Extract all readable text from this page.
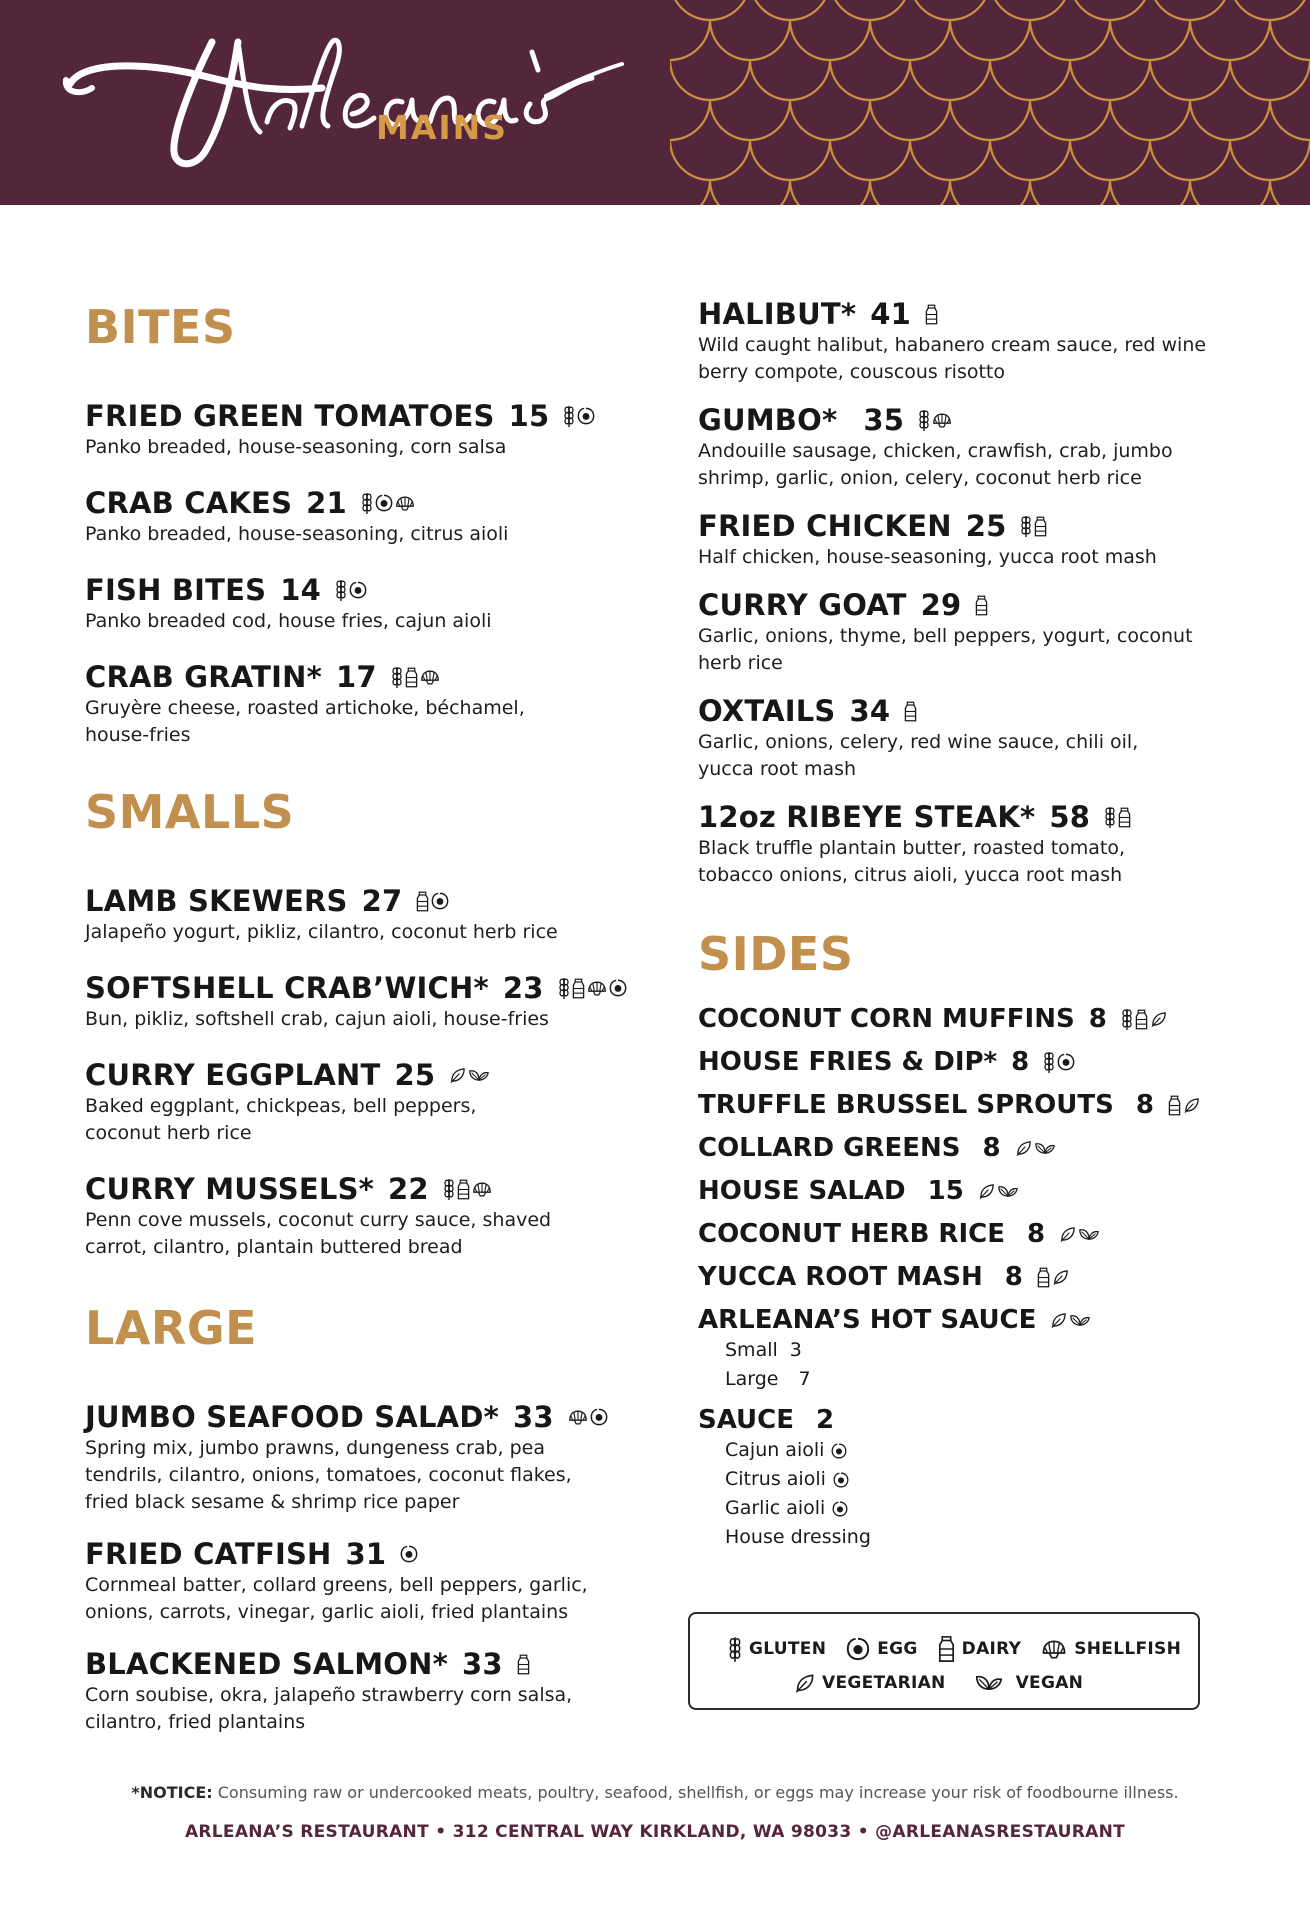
MAINS
BITES
FRIED GREEN TOMATOES 15
Panko breaded, house-seasoning, corn salsa
CRAB CAKES 21
Panko breaded, house-seasoning, citrus aioli
FISH BITES 14
Panko breaded cod, house fries, cajun aioli
CRAB GRATIN* 17
Gruyère cheese, roasted artichoke, béchamel, house-fries
SMALLS
LAMB SKEWERS 27
Jalapeño yogurt, pikliz, cilantro, coconut herb rice
SOFTSHELL CRAB’WICH* 23
Bun, pikliz, softshell crab, cajun aioli, house-fries
CURRY EGGPLANT 25
Baked eggplant, chickpeas, bell peppers, coconut herb rice
CURRY MUSSELS* 22
Penn cove mussels, coconut curry sauce, shaved carrot, cilantro, plantain buttered bread
LARGE
JUMBO SEAFOOD SALAD* 33
Spring mix, jumbo prawns, dungeness crab, pea tendrils, cilantro, onions, tomatoes, coconut flakes, fried black sesame & shrimp rice paper
FRIED CATFISH 31
Cornmeal batter, collard greens, bell peppers, garlic, onions, carrots, vinegar, garlic aioli, fried plantains
BLACKENED SALMON* 33
Corn soubise, okra, jalapeño strawberry corn salsa, cilantro, fried plantains
HALIBUT* 41
Wild caught halibut, habanero cream sauce, red wine berry compote, couscous risotto
GUMBO* 35
Andouille sausage, chicken, crawfish, crab, jumbo shrimp, garlic, onion, celery, coconut herb rice
FRIED CHICKEN 25
Half chicken, house-seasoning, yucca root mash
CURRY GOAT 29
Garlic, onions, thyme, bell peppers, yogurt, coconut herb rice
OXTAILS 34
Garlic, onions, celery, red wine sauce, chili oil, yucca root mash
12oz RIBEYE STEAK* 58
Black truffle plantain butter, roasted tomato, tobacco onions, citrus aioli, yucca root mash
SIDES
COCONUT CORN MUFFINS 8
HOUSE FRIES & DIP* 8
TRUFFLE BRUSSEL SPROUTS 8
COLLARD GREENS 8
HOUSE SALAD 15
COCONUT HERB RICE 8
YUCCA ROOT MASH 8
ARLEANA’S HOT SAUCE
Small 3
Large 7
SAUCE 2
Cajun aioli
Citrus aioli
Garlic aioli
House dressing
GLUTEN	EGG	DAIRY	SHELLFISH
VEGETARIAN	VEGAN
*NOTICE: Consuming raw or undercooked meats, poultry, seafood, shellfish, or eggs may increase your risk of foodbourne illness.
ARLEANA’S RESTAURANT • 312 CENTRAL WAY KIRKLAND, WA 98033 • @ARLEANASRESTAURANT
